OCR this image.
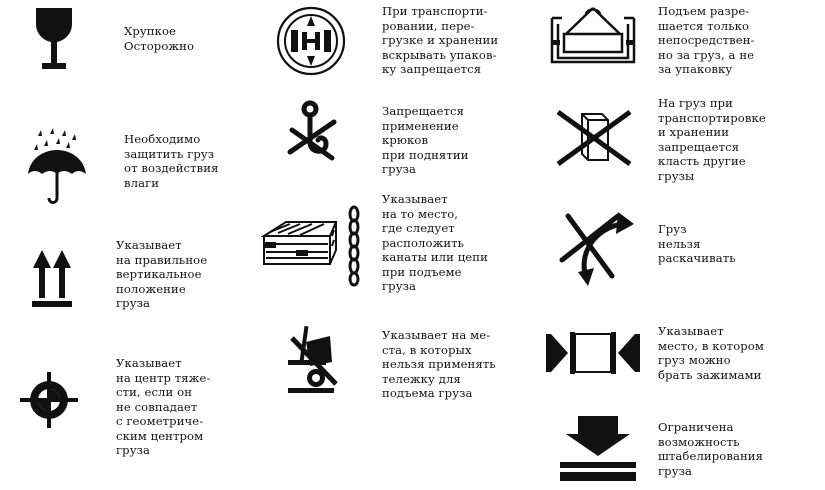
Хрупкое
Осторожно
Необходимо
защитить груз
от воздействия
влаги
Указывает
на правильное
вертикальное
положение
груза
Указывает
на центр тяже-
сти, если он
не совпадает
с геометриче-
ским центром
груза
При транспорти-
ровании, пере-
грузке и хранении
вскрывать упаков-
ку запрещается
Запрещается
применение
крюков
при поднятии
груза
Указывает
на то место,
где следует
расположить
канаты или цепи
при подъеме
груза
Указывает на ме-
ста, в которых
нельзя применять
тележку для
подъема груза
Подъем разре-
шается только
непосредствен-
но за груз, а не
за упаковку
На груз при
транспортировке
и хранении
запрещается
класть другие
грузы
Груз
нельзя
раскачивать
Указывает
место, в котором
груз можно
брать зажимами
Ограничена
возможность
штабелирования
груза
